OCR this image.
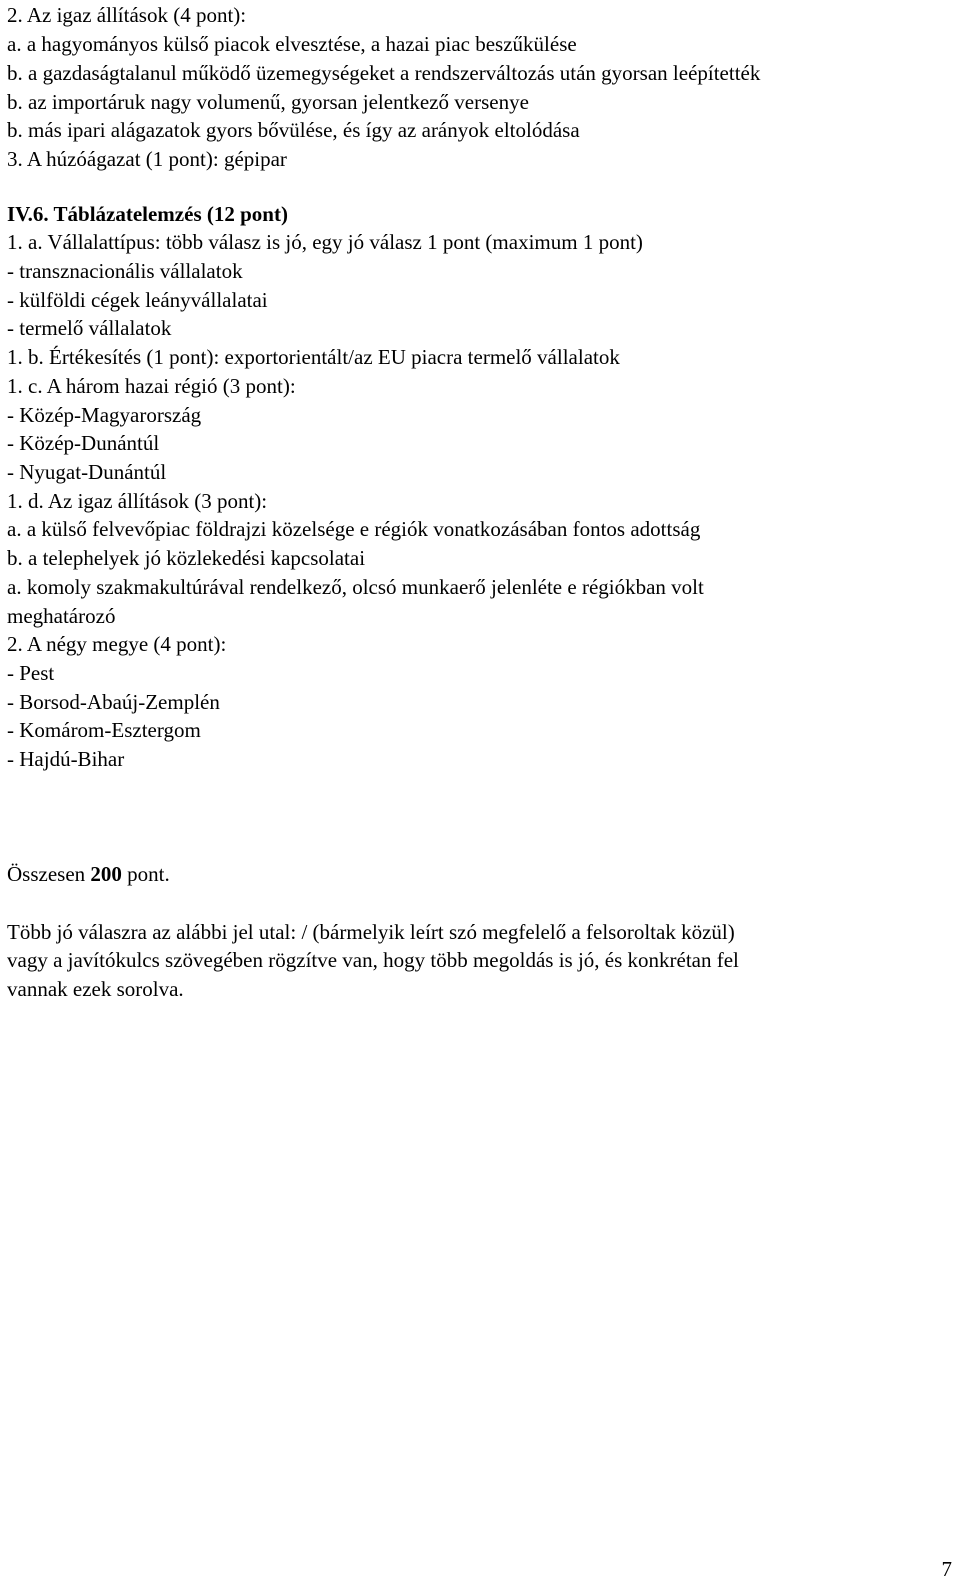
2. Az igaz állítások (4 pont):
a. a hagyományos külső piacok elvesztése, a hazai piac beszűkülése
b. a gazdaságtalanul működő üzemegységeket a rendszerváltozás után gyorsan leépítették
b. az importáruk nagy volumenű, gyorsan jelentkező versenye
b. más ipari alágazatok gyors bővülése, és így az arányok eltolódása
3. A húzóágazat (1 pont): gépipar
IV.6. Táblázatelemzés (12 pont)
1. a. Vállalattípus: több válasz is jó, egy jó válasz 1 pont (maximum 1 pont)
- transznacionális vállalatok
- külföldi cégek leányvállalatai
- termelő vállalatok
1. b. Értékesítés (1 pont): exportorientált/az EU piacra termelő vállalatok
1. c. A három hazai régió (3 pont):
- Közép-Magyarország
- Közép-Dunántúl
- Nyugat-Dunántúl
1. d. Az igaz állítások (3 pont):
a. a külső felvevőpiac földrajzi közelsége e régiók vonatkozásában fontos adottság
b. a telephelyek jó közlekedési kapcsolatai
a. komoly szakmakultúrával rendelkező, olcsó munkaerő jelenléte e régiókban volt
meghatározó
2. A négy megye (4 pont):
- Pest
- Borsod-Abaúj-Zemplén
- Komárom-Esztergom
- Hajdú-Bihar
Összesen 200 pont.
Több jó válaszra az alábbi jel utal: / (bármelyik leírt szó megfelelő a felsoroltak közül)
vagy a javítókulcs szövegében rögzítve van, hogy több megoldás is jó, és konkrétan fel
vannak ezek sorolva.
7
